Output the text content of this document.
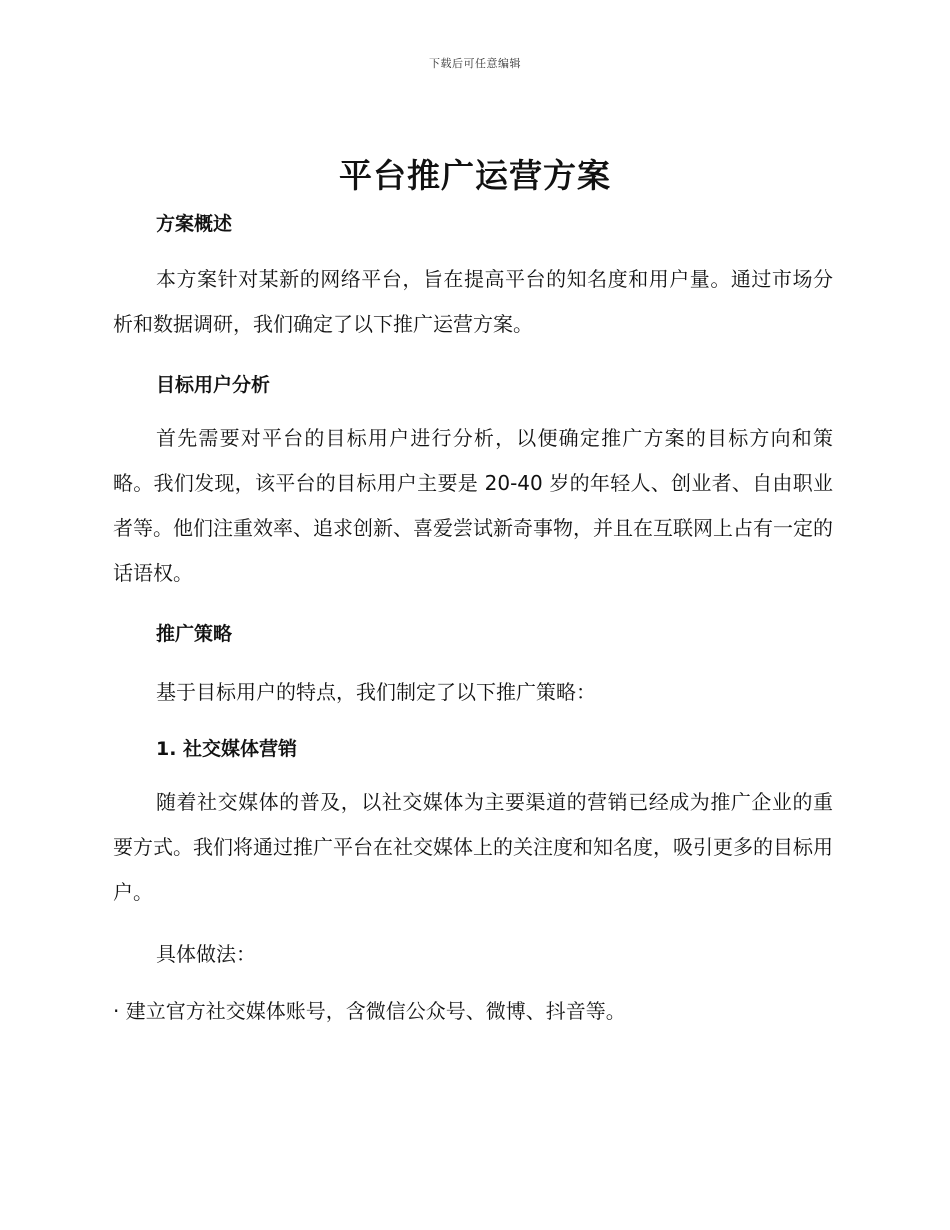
下载后可任意编辑
平台推广运营方案
方案概述
本方案针对某新的网络平台，旨在提高平台的知名度和用户量。通过市场分析和数据调研，我们确定了以下推广运营方案。
目标用户分析
首先需要对平台的目标用户进行分析，以便确定推广方案的目标方向和策略。我们发现，该平台的目标用户主要是 20-40 岁的年轻人、创业者、自由职业者等。他们注重效率、追求创新、喜爱尝试新奇事物，并且在互联网上占有一定的话语权。
推广策略
基于目标用户的特点，我们制定了以下推广策略：
1. 社交媒体营销
随着社交媒体的普及，以社交媒体为主要渠道的营销已经成为推广企业的重要方式。我们将通过推广平台在社交媒体上的关注度和知名度，吸引更多的目标用户。
具体做法：
· 建立官方社交媒体账号，含微信公众号、微博、抖音等。
